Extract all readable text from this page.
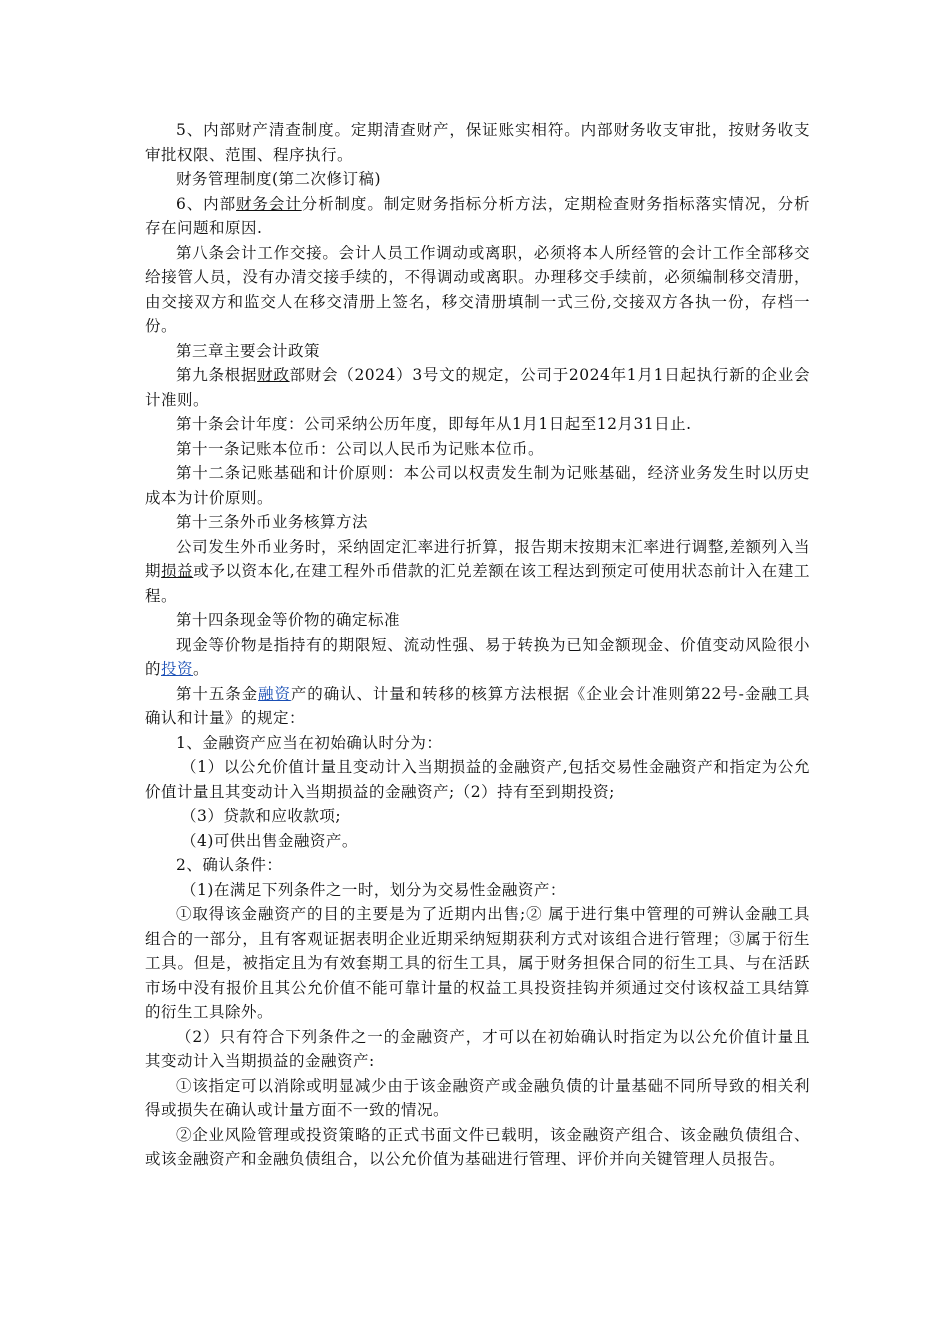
5、内部财产清查制度。定期清查财产，保证账实相符。内部财务收支审批，按财务收支审批权限、范围、程序执行。

财务管理制度(第二次修订稿)

6、内部财务会计分析制度。制定财务指标分析方法，定期检查财务指标落实情况，分析存在问题和原因.

第八条会计工作交接。会计人员工作调动或离职，必须将本人所经管的会计工作全部移交给接管人员，没有办清交接手续的，不得调动或离职。办理移交手续前，必须编制移交清册，由交接双方和监交人在移交清册上签名，移交清册填制一式三份,交接双方各执一份，存档一份。

第三章主要会计政策

第九条根据财政部财会（2024）3号文的规定，公司于2024年1月1日起执行新的企业会计准则。

第十条会计年度：公司采纳公历年度，即每年从1月1日起至12月31日止.

第十一条记账本位币：公司以人民币为记账本位币。

第十二条记账基础和计价原则：本公司以权责发生制为记账基础，经济业务发生时以历史成本为计价原则。

第十三条外币业务核算方法

公司发生外币业务时，采纳固定汇率进行折算，报告期末按期末汇率进行调整,差额列入当期损益或予以资本化,在建工程外币借款的汇兑差额在该工程达到预定可使用状态前计入在建工程。

第十四条现金等价物的确定标准

现金等价物是指持有的期限短、流动性强、易于转换为已知金额现金、价值变动风险很小的投资。

第十五条金融资产的确认、计量和转移的核算方法根据《企业会计准则第22号-金融工具确认和计量》的规定：

1、金融资产应当在初始确认时分为：

（1）以公允价值计量且变动计入当期损益的金融资产,包括交易性金融资产和指定为公允价值计量且其变动计入当期损益的金融资产;（2）持有至到期投资;

（3）贷款和应收款项;

（4)可供出售金融资产。

2、确认条件：

（1)在满足下列条件之一时，划分为交易性金融资产：

①取得该金融资产的目的主要是为了近期内出售;② 属于进行集中管理的可辨认金融工具组合的一部分，且有客观证据表明企业近期采纳短期获利方式对该组合进行管理；③属于衍生工具。但是，被指定且为有效套期工具的衍生工具，属于财务担保合同的衍生工具、与在活跃市场中没有报价且其公允价值不能可靠计量的权益工具投资挂钩并须通过交付该权益工具结算的衍生工具除外。

（2）只有符合下列条件之一的金融资产，才可以在初始确认时指定为以公允价值计量且其变动计入当期损益的金融资产:

①该指定可以消除或明显减少由于该金融资产或金融负债的计量基础不同所导致的相关利得或损失在确认或计量方面不一致的情况。

②企业风险管理或投资策略的正式书面文件已载明，该金融资产组合、该金融负债组合、或该金融资产和金融负债组合，以公允价值为基础进行管理、评价并向关键管理人员报告。
